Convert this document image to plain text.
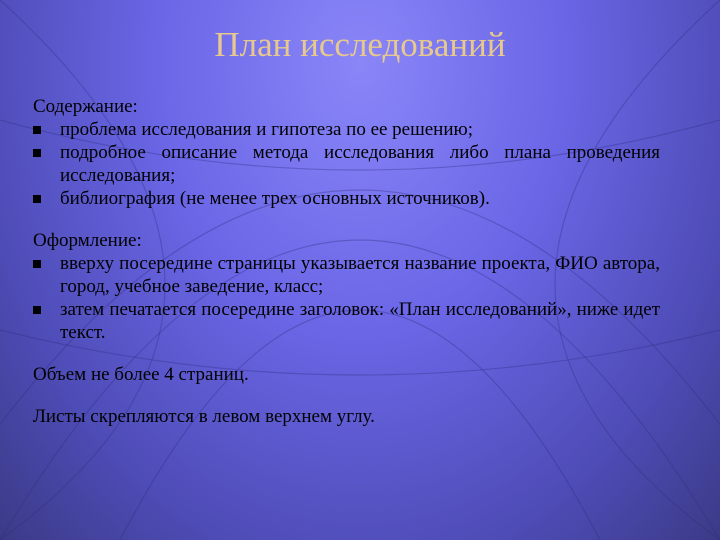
План исследований

Содержание:

проблема исследования и гипотеза по ее решению;
подробное описание метода исследования либо плана проведения исследования;
библиография (не менее трех основных источников).

Оформление:

вверху посередине страницы указывается название проекта, ФИО автора, город, учебное заведение, класс;
затем печатается посередине заголовок: «План исследований», ниже идет текст.

Объем не более 4 страниц.

Листы скрепляются в левом верхнем углу.
